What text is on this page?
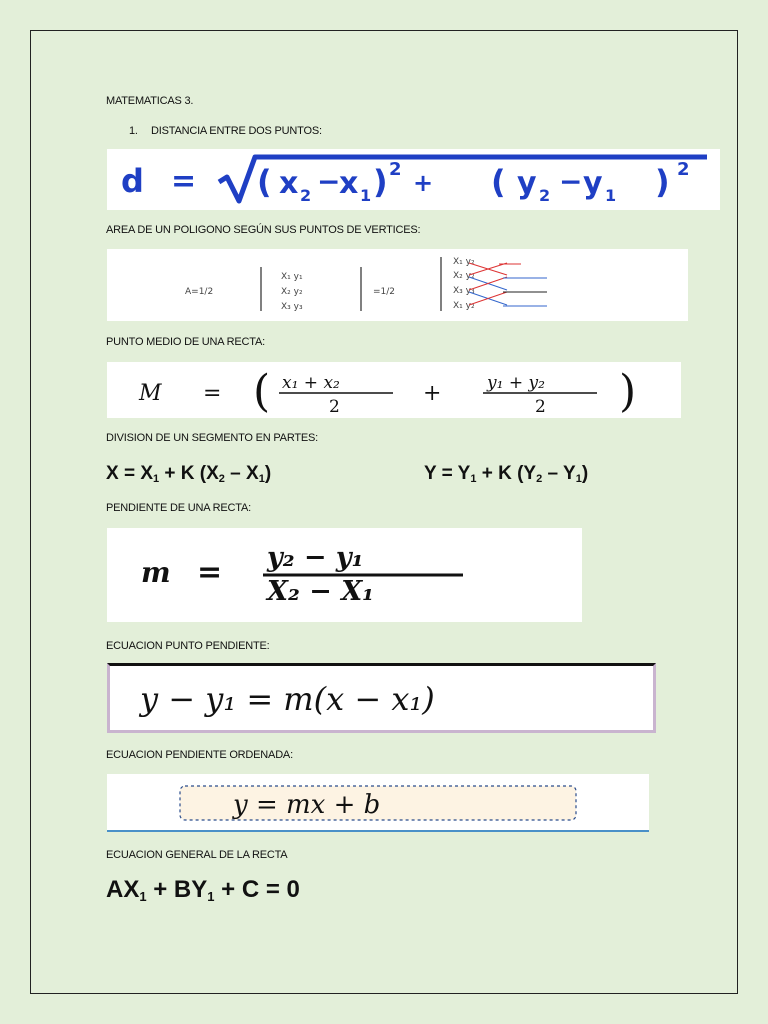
MATEMATICAS 3.
1. DISTANCIA ENTRE DOS PUNTOS:
d = ( x 2 −
x 1 ) 2 + ( y 2 − y 1 ) 2
AREA DE UN POLIGONO SEGÚN SUS PUNTOS DE VERTICES:
A=1/2
X₁ y₁
X₂ y₂
X₃ y₃
=1/2
X₁ y₂
X₂ y₂
X₃ y₃
X₁ y₂
PUNTO MEDIO DE UNA RECTA:
M = ( x₁ + x₂
2
+	y₁ + y₂
2 )
DIVISION DE UN SEGMENTO EN PARTES:
$X = X_1 + K$ $(X_2 - X_1)$	$Y = Y_1 + K$ $(Y_2 - Y_1)$
PENDIENTE DE UNA RECTA:
m = y₂ − y₁
X₂ − X₁
ECUACION PUNTO PENDIENTE:
y − y₁ = m(x − x₁)
ECUACION PENDIENTE ORDENADA:
y = mx + b
ECUACION GENERAL DE LA RECTA
$AX_1 + BY_1 + C = 0$
